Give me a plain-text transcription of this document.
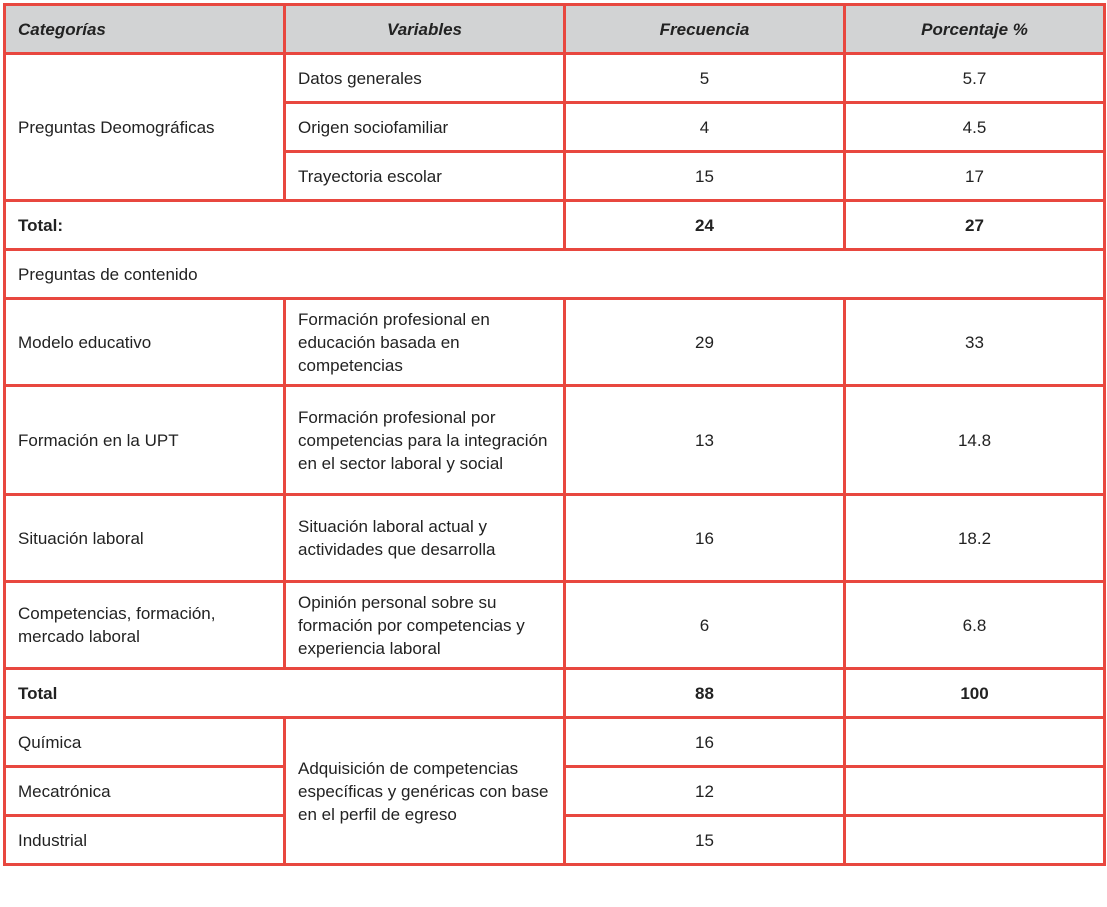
Categorías	Variables	Frecuencia	Porcentaje %
Preguntas Deomográficas	Datos generales	5	5.7
	Origen sociofamiliar	4	4.5
	Trayectoria escolar	15	17
Total:		24	27
Preguntas de contenido			
Modelo educativo	Formación profesional en educación basada en competencias	29	33
Formación en la UPT	Formación profesional por competencias para la integración en el sector laboral y social	13	14.8
Situación laboral	Situación laboral actual y actividades que desarrolla	16	18.2
Competencias, formación, mercado laboral	Opinión personal sobre su formación por competencias y experiencia laboral	6	6.8
Total		88	100
Química	Adquisición de competencias específicas y genéricas con base en el perfil de egreso	16	
Mecatrónica		12	
Industrial		15	
